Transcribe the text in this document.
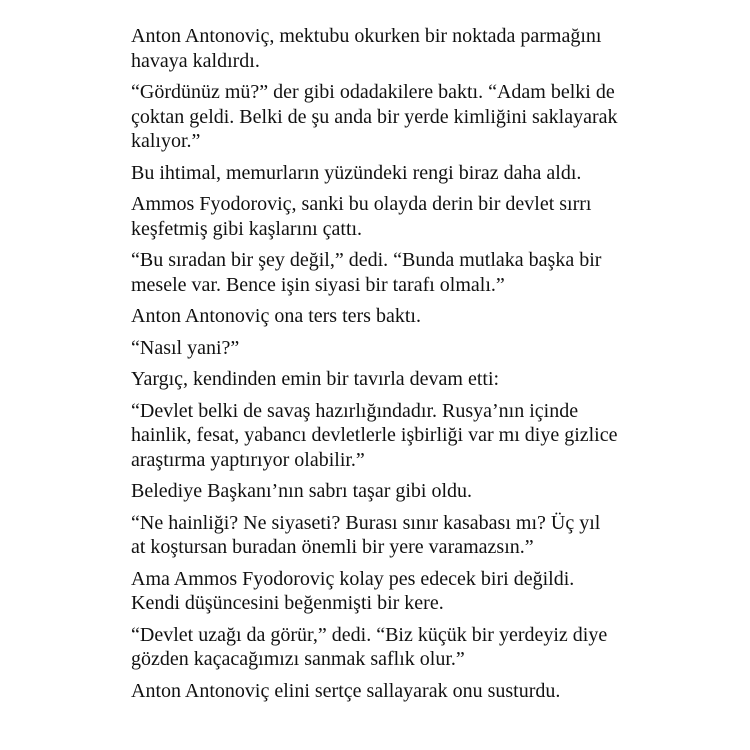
Anton Antonoviç, mektubu okurken bir noktada parmağını
havaya kaldırdı.

“Gördünüz mü?” der gibi odadakilere baktı. “Adam belki de
çoktan geldi. Belki de şu anda bir yerde kimliğini saklayarak
kalıyor.”

Bu ihtimal, memurların yüzündeki rengi biraz daha aldı.

Ammos Fyodoroviç, sanki bu olayda derin bir devlet sırrı
keşfetmiş gibi kaşlarını çattı.

“Bu sıradan bir şey değil,” dedi. “Bunda mutlaka başka bir
mesele var. Bence işin siyasi bir tarafı olmalı.”

Anton Antonoviç ona ters ters baktı.

“Nasıl yani?”

Yargıç, kendinden emin bir tavırla devam etti:

“Devlet belki de savaş hazırlığındadır. Rusya’nın içinde
hainlik, fesat, yabancı devletlerle işbirliği var mı diye gizlice
araştırma yaptırıyor olabilir.”

Belediye Başkanı’nın sabrı taşar gibi oldu.

“Ne hainliği? Ne siyaseti? Burası sınır kasabası mı? Üç yıl
at koştursan buradan önemli bir yere varamazsın.”

Ama Ammos Fyodoroviç kolay pes edecek biri değildi.
Kendi düşüncesini beğenmişti bir kere.

“Devlet uzağı da görür,” dedi. “Biz küçük bir yerdeyiz diye
gözden kaçacağımızı sanmak saflık olur.”

Anton Antonoviç elini sertçe sallayarak onu susturdu.
